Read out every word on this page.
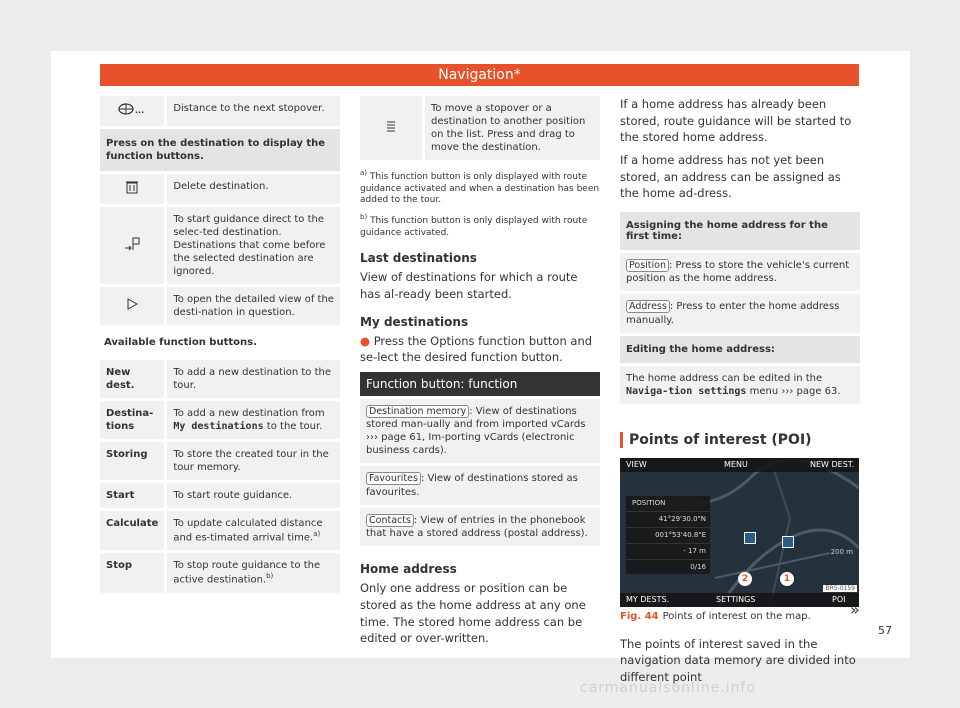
Navigation*
...	Distance to the next stopover.
Press on the destination to display the function buttons.	
	Delete destination.
	To start guidance direct to the selec-ted destination. Destinations that come before the selected destination are ignored.
	To open the detailed view of the desti-nation in question.
Available function buttons.	
New dest.	To add a new destination to the tour.
Destina-tions	To add a new destination from My destinations to the tour.
Storing	To store the created tour in the tour memory.
Start	To start route guidance.
Calculate	To update calculated distance and es-timated arrival time.$^{a)}$
Stop	To stop route guidance to the active destination.$^{b)}$
	To move a stopover or a destination to another position on the list. Press and drag to move the destination.
$^{a)}$ This function button is only displayed with route guidance activated and when a destination has been added to the tour.
$^{b)}$ This function button is only displayed with route guidance activated.
Last destinations

View of destinations for which a route has al-ready been started.

My destinations

● Press the Options function button and se-lect the desired function button.

Function button: function
Destination memory : View of destinations stored man-ually and from imported vCards ››› page 61, Im-porting vCards (electronic business cards).
Favourites : View of destinations stored as favourites.
Contacts : View of entries in the phonebook that have a stored address (postal address).
Home address

Only one address or position can be stored as the home address at any one time. The stored home address can be edited or over-written.

If a home address has already been stored, route guidance will be started to the stored home address.

If a home address has not yet been stored, an address can be assigned as the home ad-dress.

Assigning the home address for the first time:
Position : Press to store the vehicle's current position as the home address.
Address : Press to enter the home address manually.
Editing the home address:
The home address can be edited in the Naviga-tion settings menu ››› page 63.
Points of interest (POI)
VIEW	MENU	NEW DEST.
POSITION
41°29'30.0"N
001°53'40.8"E
- 17 m
0/16
2	1
200 m
MY DESTS.	SETTINGS	POI
BRS-0159
Fig. 44 Points of interest on the map.

The points of interest saved in the navigation data memory are divided into different point

»
57
carmanualsonline.info
